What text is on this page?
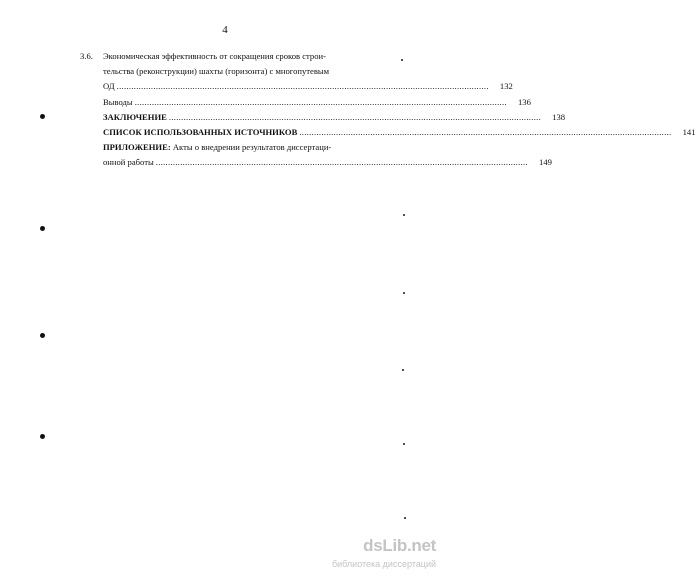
4
3.6. Экономическая эффективность от сокращения сроков строи-
тельства (реконструкции) шахты (горизонта) с многопутевым
ОД ........................................................................................................................................................	132
Выводы ........................................................................................................................................................	136
ЗАКЛЮЧЕНИЕ ........................................................................................................................................................	138
СПИСОК ИСПОЛЬЗОВАННЫХ ИСТОЧНИКОВ ........................................................................................................................................................	141
ПРИЛОЖЕНИЕ: Акты о внедрении результатов диссертаци-
онной работы ........................................................................................................................................................	149
dsLib.net
библиотека диссертаций
